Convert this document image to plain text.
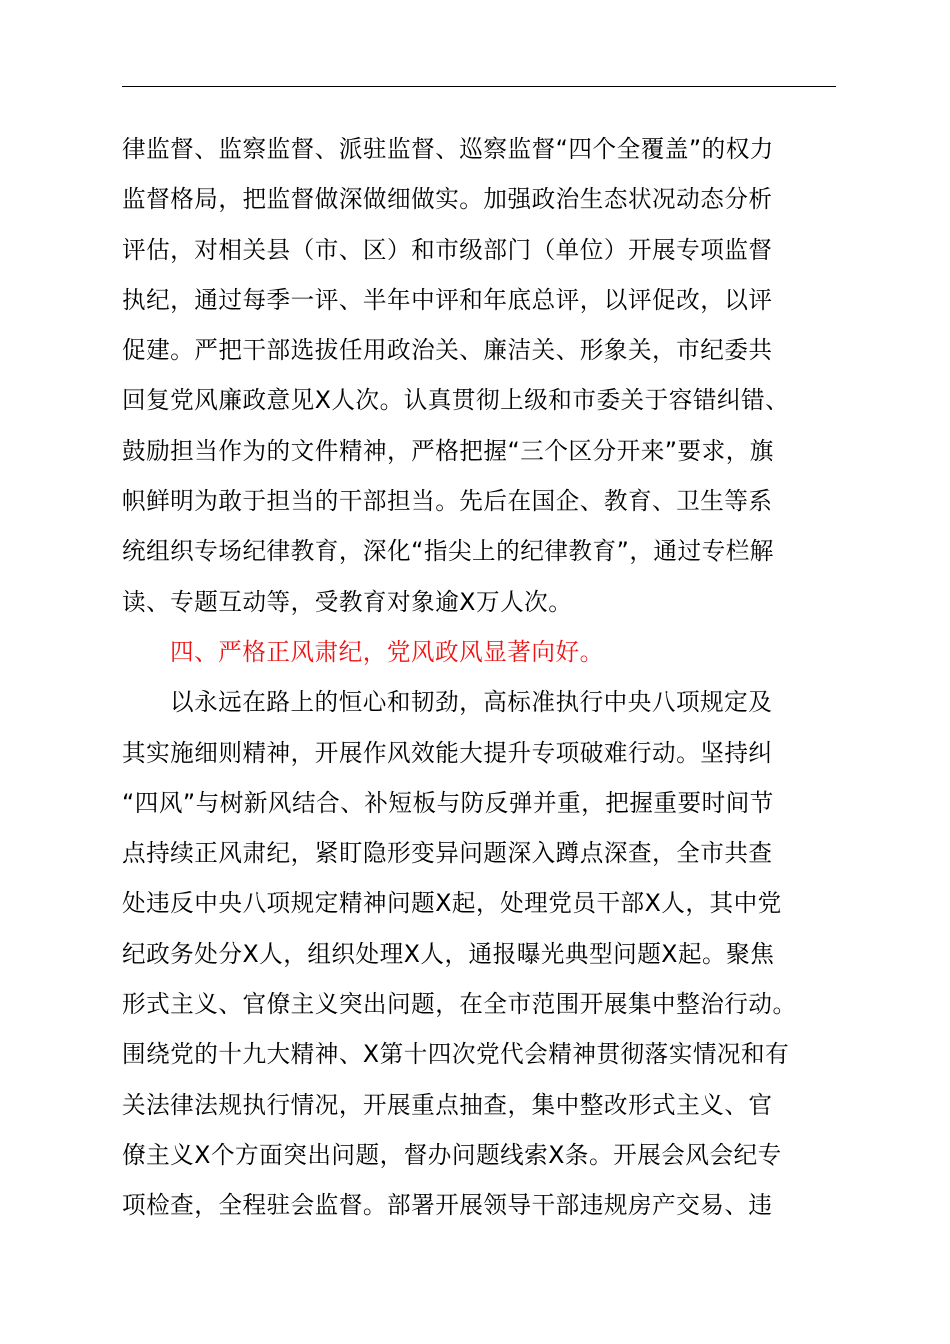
律监督、监察监督、派驻监督、巡察监督“四个全覆盖”的权力
监督格局，把监督做深做细做实。加强政治生态状况动态分析
评估，对相关县（市、区）和市级部门（单位）开展专项监督
执纪，通过每季一评、半年中评和年底总评，以评促改，以评
促建。严把干部选拔任用政治关、廉洁关、形象关，市纪委共
回复党风廉政意见X人次。认真贯彻上级和市委关于容错纠错、
鼓励担当作为的文件精神，严格把握“三个区分开来”要求，旗
帜鲜明为敢于担当的干部担当。先后在国企、教育、卫生等系
统组织专场纪律教育，深化“指尖上的纪律教育”，通过专栏解
读、专题互动等，受教育对象逾X万人次。
四、严格正风肃纪，党风政风显著向好。
以永远在路上的恒心和韧劲，高标准执行中央八项规定及
其实施细则精神，开展作风效能大提升专项破难行动。坚持纠
“四风”与树新风结合、补短板与防反弹并重，把握重要时间节
点持续正风肃纪，紧盯隐形变异问题深入蹲点深查，全市共查
处违反中央八项规定精神问题X起，处理党员干部X人，其中党
纪政务处分X人，组织处理X人，通报曝光典型问题X起。聚焦
形式主义、官僚主义突出问题，在全市范围开展集中整治行动。
围绕党的十九大精神、X第十四次党代会精神贯彻落实情况和有
关法律法规执行情况，开展重点抽查，集中整改形式主义、官
僚主义X个方面突出问题，督办问题线索X条。开展会风会纪专
项检查，全程驻会监督。部署开展领导干部违规房产交易、违
